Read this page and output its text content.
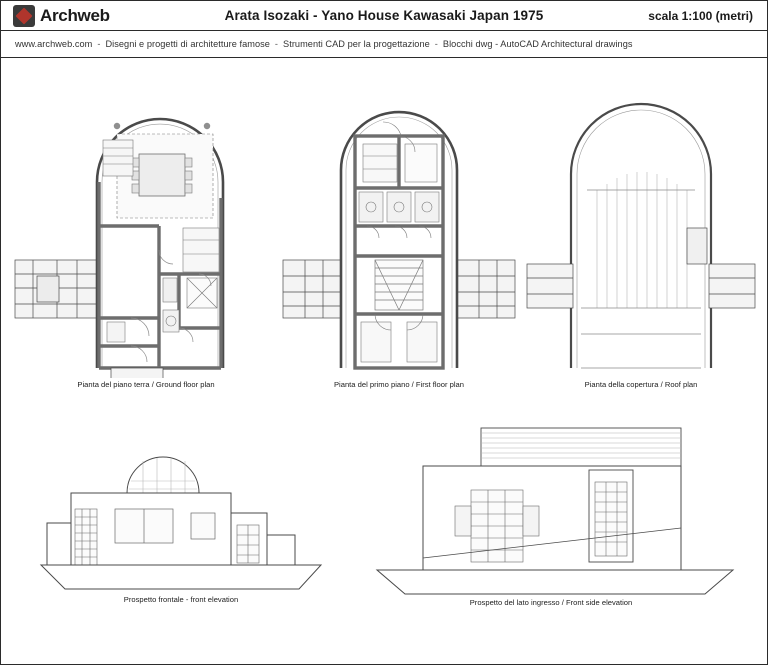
Archweb	Arata Isozaki - Yano House Kawasaki Japan 1975	scala 1:100 (metri)
www.archweb.com - Disegni e progetti di architetture famose - Strumenti CAD per la progettazione - Blocchi dwg - AutoCAD Architectural drawings
Pianta del piano terra / Ground floor plan	Pianta del primo piano / First floor plan	Pianta della copertura / Roof plan
Prospetto frontale - front elevation	Prospetto del lato ingresso / Front side elevation
